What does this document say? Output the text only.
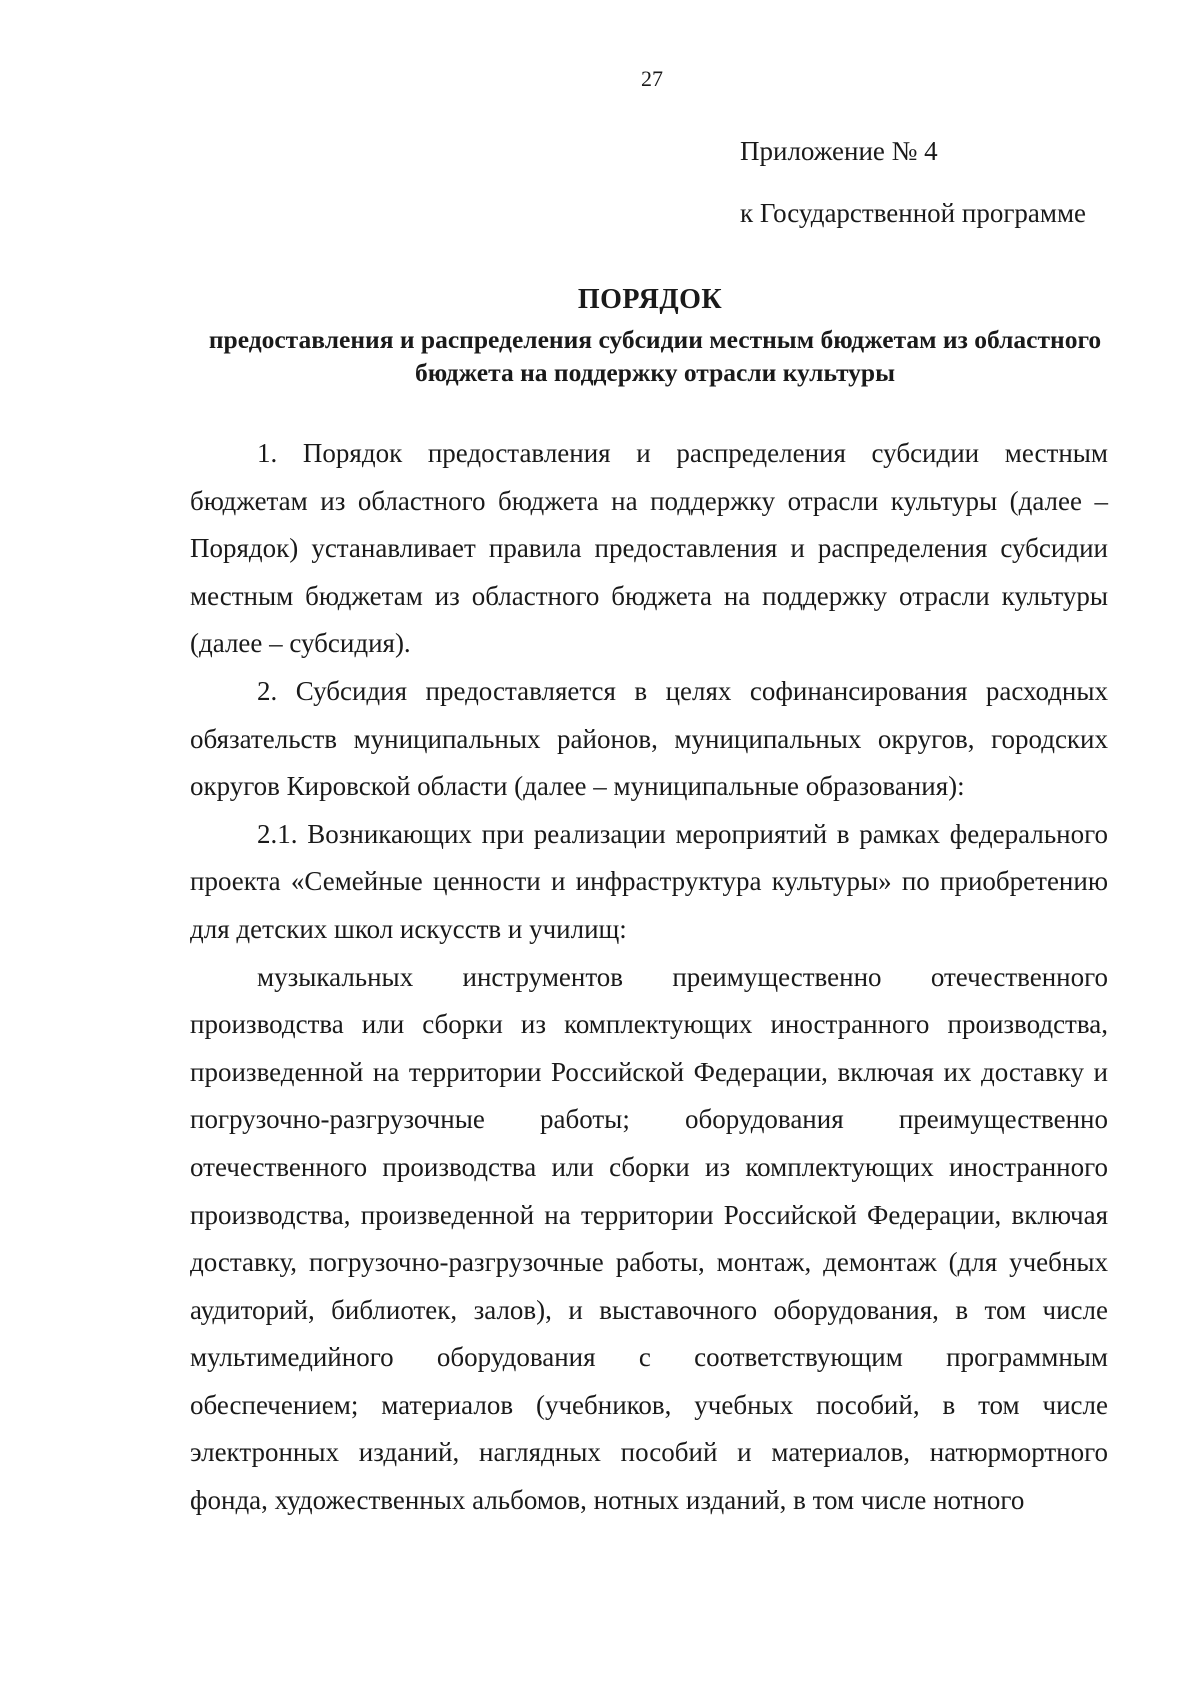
27
Приложение № 4
к Государственной программе
ПОРЯДОК
предоставления и распределения субсидии местным бюджетам из областного бюджета на поддержку отрасли культуры

1. Порядок предоставления и распределения субсидии местным бюджетам из областного бюджета на поддержку отрасли культуры (далее – Порядок) устанавливает правила предоставления и распределения субсидии местным бюджетам из областного бюджета на поддержку отрасли культуры (далее – субсидия).

2. Субсидия предоставляется в целях софинансирования расходных обязательств муниципальных районов, муниципальных округов, городских округов Кировской области (далее – муниципальные образования):

2.1. Возникающих при реализации мероприятий в рамках федерального проекта «Семейные ценности и инфраструктура культуры» по приобретению для детских школ искусств и училищ:

музыкальных инструментов преимущественно отечественного производства или сборки из комплектующих иностранного производства, произведенной на территории Российской Федерации, включая их доставку и погрузочно-разгрузочные работы; оборудования преимущественно отечественного производства или сборки из комплектующих иностранного производства, произведенной на территории Российской Федерации, включая доставку, погрузочно-разгрузочные работы, монтаж, демонтаж (для учебных аудиторий, библиотек, залов), и выставочного оборудования, в том числе мультимедийного оборудования с соответствующим программным обеспечением; материалов (учебников, учебных пособий, в том числе электронных изданий, наглядных пособий и материалов, натюрмортного фонда, художественных альбомов, нотных изданий, в том числе нотного
